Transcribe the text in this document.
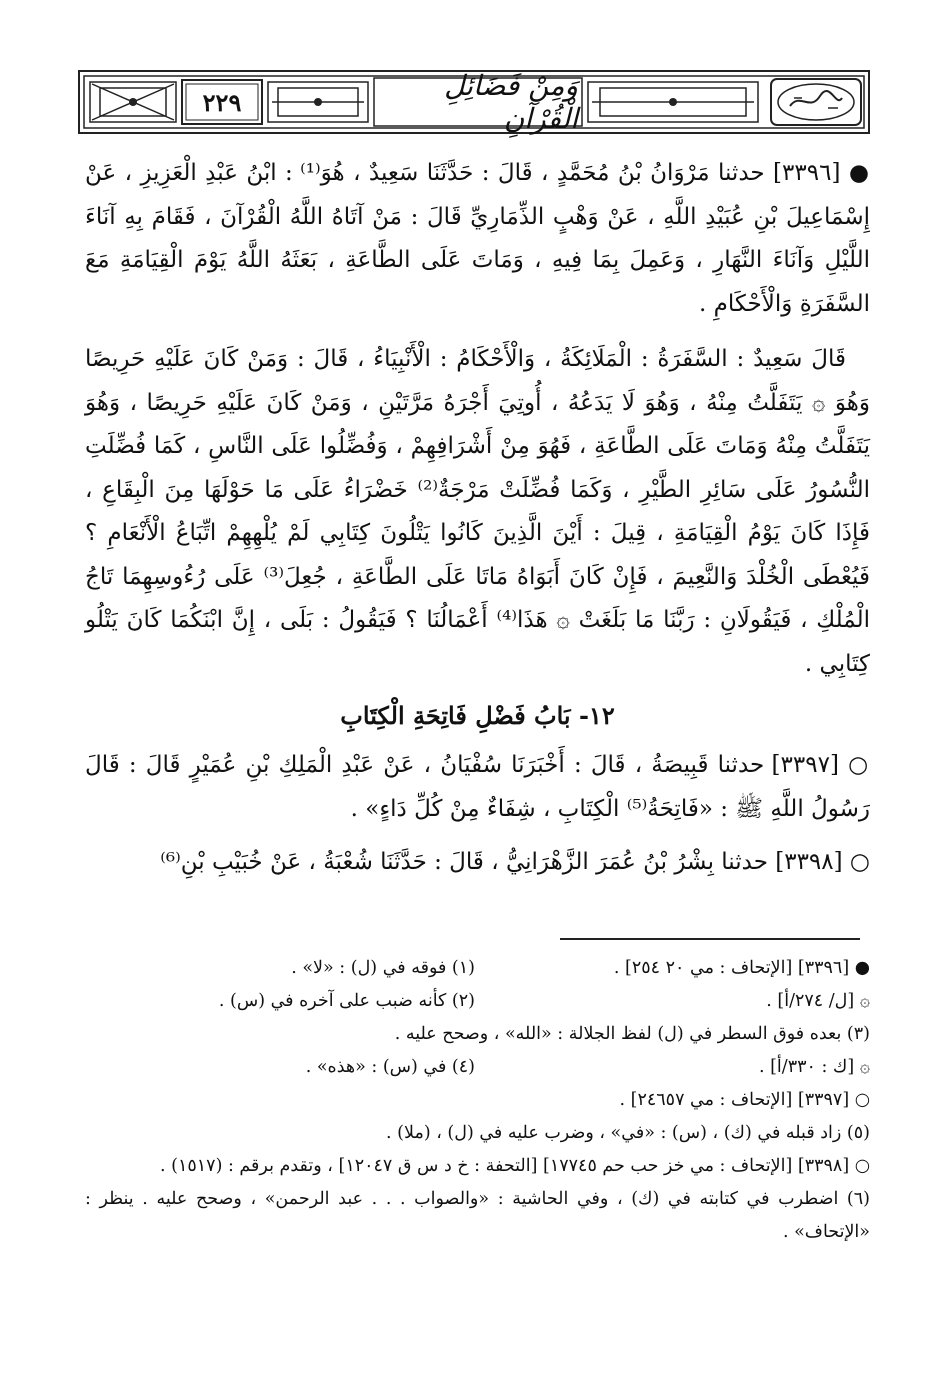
٢٢٩	وَمِنْ فَضَائِلِ الْقُرْآنِ

● [٣٣٩٦] حدثنا مَرْوَانُ بْنُ مُحَمَّدٍ ، قَالَ : حَدَّثَنَا سَعِيدٌ ، هُوَ⁽¹⁾ : ابْنُ عَبْدِ الْعَزِيزِ ، عَنْ إِسْمَاعِيلَ بْنِ عُبَيْدِ اللَّهِ ، عَنْ وَهْبٍ الذِّمَارِيِّ قَالَ : مَنْ آتَاهُ اللَّهُ الْقُرْآنَ ، فَقَامَ بِهِ آنَاءَ اللَّيْلِ وَآنَاءَ النَّهَارِ ، وَعَمِلَ بِمَا فِيهِ ، وَمَاتَ عَلَى الطَّاعَةِ ، بَعَثَهُ اللَّهُ يَوْمَ الْقِيَامَةِ مَعَ السَّفَرَةِ وَالْأَحْكَامِ .

قَالَ سَعِيدٌ : السَّفَرَةُ : الْمَلَائِكَةُ ، وَالْأَحْكَامُ : الْأَنْبِيَاءُ ، قَالَ : وَمَنْ كَانَ عَلَيْهِ حَرِيصًا وَهُوَ ۞ يَتَفَلَّتُ مِنْهُ ، وَهُوَ لَا يَدَعُهُ ، أُوتِيَ أَجْرَهُ مَرَّتَيْنِ ، وَمَنْ كَانَ عَلَيْهِ حَرِيصًا ، وَهُوَ يَتَفَلَّتُ مِنْهُ وَمَاتَ عَلَى الطَّاعَةِ ، فَهُوَ مِنْ أَشْرَافِهِمْ ، وَفُضِّلُوا عَلَى النَّاسِ ، كَمَا فُضِّلَتِ النُّسُورُ عَلَى سَائِرِ الطَّيْرِ ، وَكَمَا فُضِّلَتْ مَرْجَةٌ⁽²⁾ خَضْرَاءُ عَلَى مَا حَوْلَهَا مِنَ الْبِقَاعِ ، فَإِذَا كَانَ يَوْمُ الْقِيَامَةِ ، قِيلَ : أَيْنَ الَّذِينَ كَانُوا يَتْلُونَ كِتَابِي لَمْ يُلْهِهِمْ اتِّبَاعُ الْأَنْعَامِ ؟ فَيُعْطَى الْخُلْدَ وَالنَّعِيمَ ، فَإِنْ كَانَ أَبَوَاهُ مَاتَا عَلَى الطَّاعَةِ ، جُعِلَ⁽³⁾ عَلَى رُءُوسِهِمَا تَاجُ الْمُلْكِ ، فَيَقُولَانِ : رَبَّنَا مَا بَلَغَتْ ۞ هَذَا⁽⁴⁾ أَعْمَالُنَا ؟ فَيَقُولُ : بَلَى ، إِنَّ ابْنَكُمَا كَانَ يَتْلُو كِتَابِي .

١٢- بَابُ فَضْلِ فَاتِحَةِ الْكِتَابِ

○ [٣٣٩٧] حدثنا قَبِيصَةُ ، قَالَ : أَخْبَرَنَا سُفْيَانُ ، عَنْ عَبْدِ الْمَلِكِ بْنِ عُمَيْرٍ قَالَ : قَالَ رَسُولُ اللَّهِ ﷺ : «فَاتِحَةُ⁽⁵⁾ الْكِتَابِ ، شِفَاءٌ مِنْ كُلِّ دَاءٍ» .

○ [٣٣٩٨] حدثنا بِشْرُ بْنُ عُمَرَ الزَّهْرَانِيُّ ، قَالَ : حَدَّثَنَا شُعْبَةُ ، عَنْ خُبَيْبِ بْنِ⁽⁶⁾

● [٣٣٩٦] [الإتحاف : مي ٢٠ ٢٥٤] .
(١) فوقه في (ل) : «لا» .
۞ [ل/ ٢٧٤/أ] .
(٢) كأنه ضبب على آخره في (س) .
(٣) بعده فوق السطر في (ل) لفظ الجلالة : «الله» ، وصحح عليه .
۞ [ك : ٣٣٠/أ] .
(٤) في (س) : «هذه» .
○ [٣٣٩٧] [الإتحاف : مي ٢٤٦٥٧] .
(٥) زاد قبله في (ك) ، (س) : «في» ، وضرب عليه في (ل) ، (ملا) .
○ [٣٣٩٨] [الإتحاف : مي خز حب حم ١٧٧٤٥] [التحفة : خ د س ق ١٢٠٤٧] ، وتقدم برقم : (١٥١٧) .
(٦) اضطرب في كتابته في (ك) ، وفي الحاشية : «والصواب . . . عبد الرحمن» ، وصحح عليه . ينظر : «الإتحاف» .
